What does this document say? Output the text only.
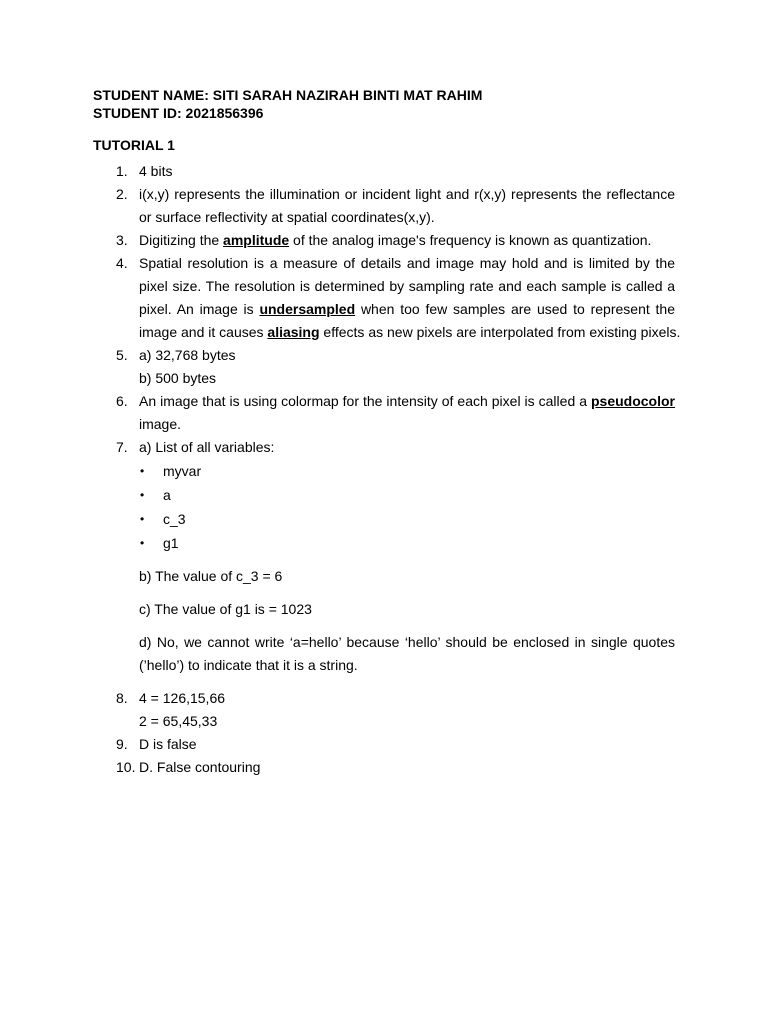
STUDENT NAME: SITI SARAH NAZIRAH BINTI MAT RAHIM
STUDENT ID: 2021856396
TUTORIAL 1
1. 4 bits
2. i(x,y) represents the illumination or incident light and r(x,y) represents the reflectance
or surface reflectivity at spatial coordinates(x,y).
3. Digitizing the amplitude of the analog image's frequency is known as quantization.
4. Spatial resolution is a measure of details and image may hold and is limited by the
pixel size. The resolution is determined by sampling rate and each sample is called a
pixel. An image is undersampled when too few samples are used to represent the
image and it causes aliasing effects as new pixels are interpolated from existing pixels.
5. a) 32,768 bytes
b) 500 bytes
6. An image that is using colormap for the intensity of each pixel is called a pseudocolor
image.
7. a) List of all variables:
• myvar
• a
• c_3
• g1
b) The value of c_3 = 6
c) The value of g1 is = 1023
d) No, we cannot write ‘a=hello’ because ‘hello’ should be enclosed in single quotes
(’hello’) to indicate that it is a string.
8. 4 = 126,15,66
2 = 65,45,33
9. D is false
10. D. False contouring
